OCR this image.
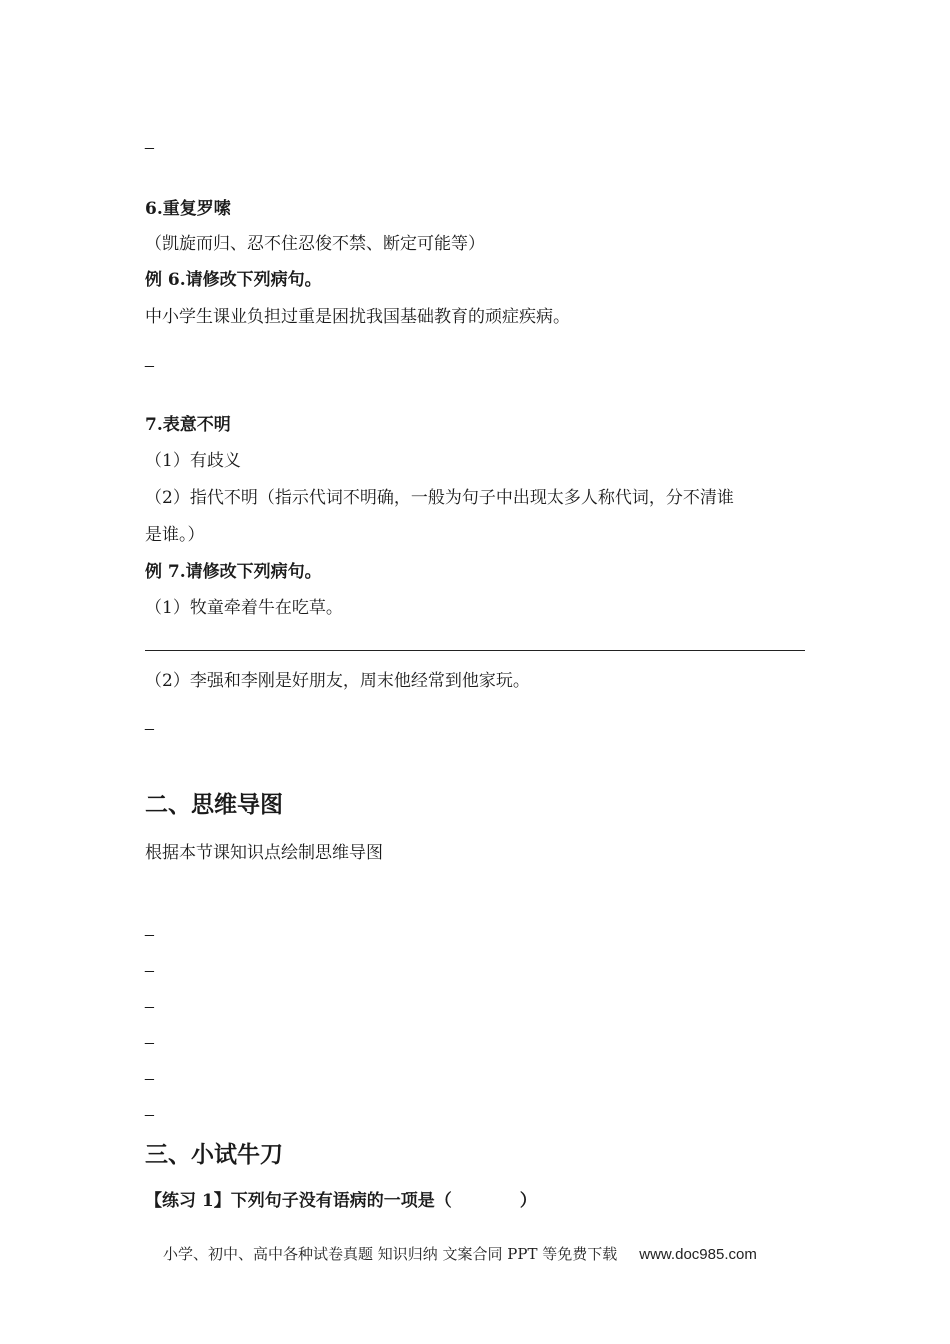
_
6.重复罗嗦
（凯旋而归、忍不住忍俊不禁、断定可能等）
例 6.请修改下列病句。
中小学生课业负担过重是困扰我国基础教育的顽症疾病。
_
7.表意不明
（1）有歧义
（2）指代不明（指示代词不明确，一般为句子中出现太多人称代词，分不清谁
是谁。）
例 7.请修改下列病句。
（1）牧童牵着牛在吃草。
（2）李强和李刚是好朋友，周末他经常到他家玩。
_
二、思维导图
根据本节课知识点绘制思维导图
_
_
_
_
_
_
三、小试牛刀
【练习 1】下列句子没有语病的一项是（　　　　）
小学、初中、高中各种试卷真题 知识归纳 文案合同 PPT 等免费下载 www.doc985.com
